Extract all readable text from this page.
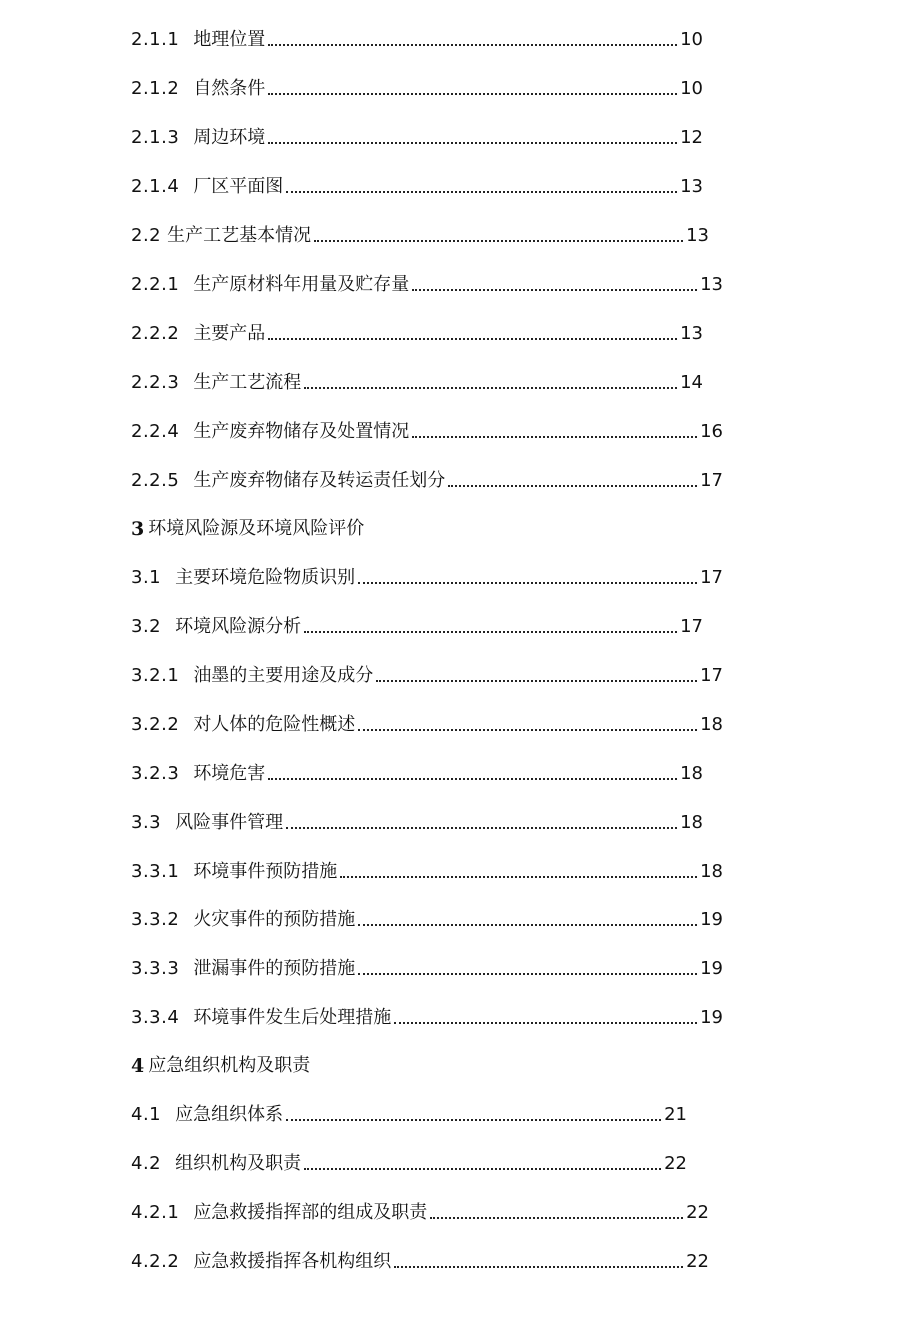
2.1.1 地理位置	10
2.1.2 自然条件	10
2.1.3 周边环境	12
2.1.4 厂区平面图	13
2.2 生产工艺基本情况	13
2.2.1 生产原材料年用量及贮存量	13
2.2.2 主要产品	13
2.2.3 生产工艺流程	14
2.2.4 生产废弃物储存及处置情况	16
2.2.5 生产废弃物储存及转运责任划分	17
3 环境风险源及环境风险评价
3.1 主要环境危险物质识别	17
3.2 环境风险源分析	17
3.2.1 油墨的主要用途及成分	17
3.2.2 对人体的危险性概述	18
3.2.3 环境危害	18
3.3 风险事件管理	18
3.3.1 环境事件预防措施	18
3.3.2 火灾事件的预防措施	19
3.3.3 泄漏事件的预防措施	19
3.3.4 环境事件发生后处理措施	19
4 应急组织机构及职责
4.1 应急组织体系	21
4.2 组织机构及职责	22
4.2.1 应急救援指挥部的组成及职责	22
4.2.2 应急救援指挥各机构组织	22
